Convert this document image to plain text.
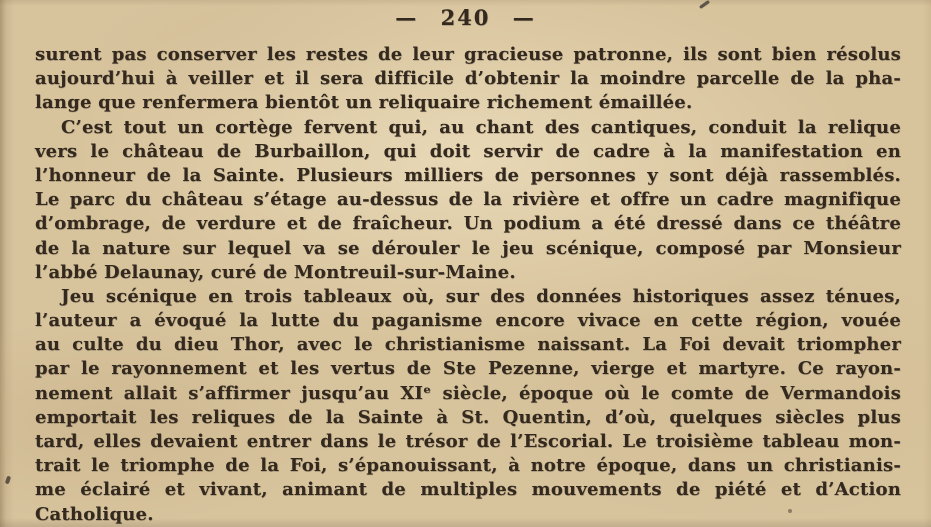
— 240 —
surent pas conserver les restes de leur gracieuse patronne, ils sont bien résolus
aujourd’hui à veiller et il sera difficile d’obtenir la moindre parcelle de la pha-
lange que renfermera bientôt un reliquaire richement émaillée.
C’est tout un cortège fervent qui, au chant des cantiques, conduit la relique
vers le château de Burbaillon, qui doit servir de cadre à la manifestation en
l’honneur de la Sainte. Plusieurs milliers de personnes y sont déjà rassemblés.
Le parc du château s’étage au-dessus de la rivière et offre un cadre magnifique
d’ombrage, de verdure et de fraîcheur. Un podium a été dressé dans ce théâtre
de la nature sur lequel va se dérouler le jeu scénique, composé par Monsieur
l’abbé Delaunay, curé de Montreuil-sur-Maine.
Jeu scénique en trois tableaux où, sur des données historiques assez ténues,
l’auteur a évoqué la lutte du paganisme encore vivace en cette région, vouée
au culte du dieu Thor, avec le christianisme naissant. La Foi devait triompher
par le rayonnement et les vertus de Ste Pezenne, vierge et martyre. Ce rayon-
nement allait s’affirmer jusqu’au XIᵉ siècle, époque où le comte de Vermandois
emportait les reliques de la Sainte à St. Quentin, d’où, quelques siècles plus
tard, elles devaient entrer dans le trésor de l’Escorial. Le troisième tableau mon-
trait le triomphe de la Foi, s’épanouissant, à notre époque, dans un christianis-
me éclairé et vivant, animant de multiples mouvements de piété et d’Action
Catholique.
